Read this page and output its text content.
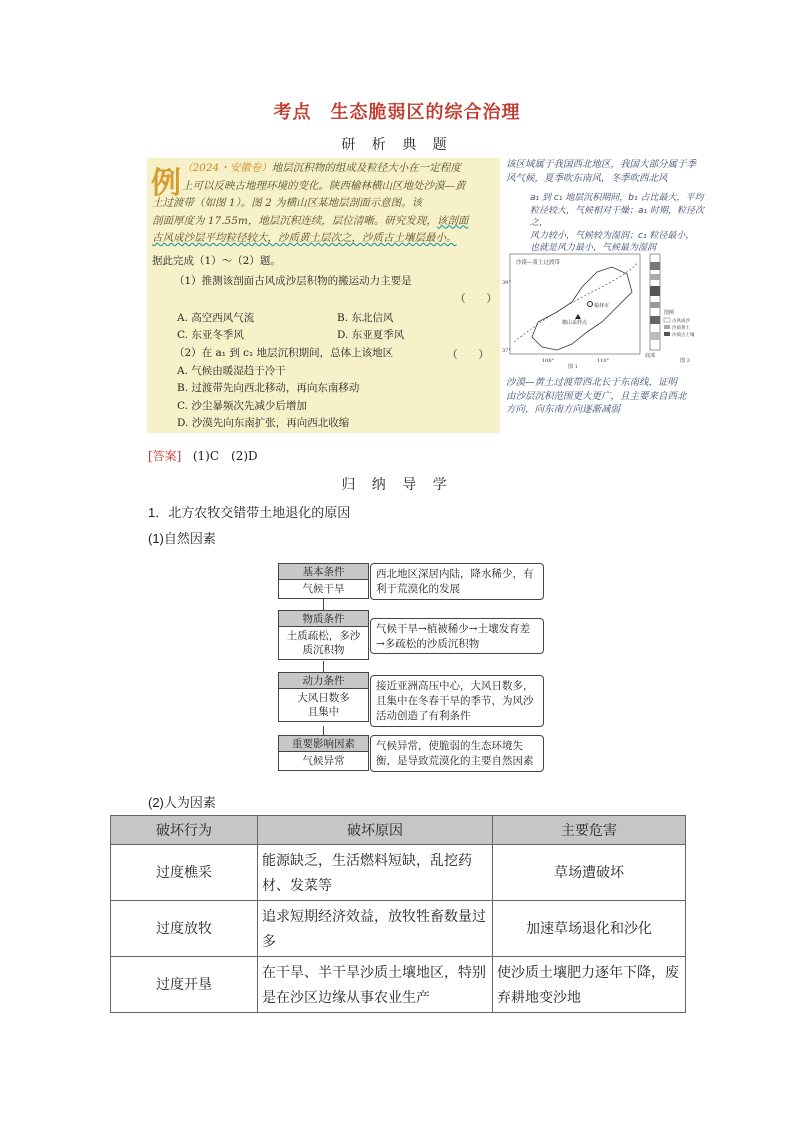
考点　生态脆弱区的综合治理
研 析 典 题
例 （2024・安徽卷）地层沉积物的组成及粒径大小在一定程度
上可以反映古地理环境的变化。陕西榆林横山区地处沙漠—黄
土过渡带（如图 1）。图 2 为横山区某地层剖面示意图。该
剖面厚度为 17.55m，地层沉积连续，层位清晰。研究发现，该剖面
古风成沙层平均粒径较大，沙质黄土层次之，沙质古土壤层最小。
据此完成（1）～（2）题。
（1）推测该剖面古风成沙层积物的搬运动力主要是
（　　）
A. 高空西风气流	B. 东北信风
C. 东亚冬季风	D. 东亚夏季风
（2）在 a₁ 到 c₁ 地层沉积期间，总体上该地区	（　　）
A. 气候由暖湿趋于冷干
B. 过渡带先向西北移动，再向东南移动
C. 沙尘暴频次先减少后增加
D. 沙漠先向东南扩张，再向西北收缩
该区域属于我国西北地区，我国大部分属于季
风气候，夏季吹东南风，冬季吹西北风
a₁ 到 c₁ 地层沉积期间，b₁ 占比最大，平均
粒径较大，气候相对干燥；a₁ 时期，粒径次之，
风力较小，气候较为湿润；c₁ 粒径最小，
也就是风力最小，气候最为湿润
沙漠—黄土过渡带西北长于东南线，证明
由沙层沉积范围更大更广，且主要来自西北
方向，向东南方向逐渐减弱
沙漠—黄土过渡带
榆林市
横山采样点
39°
37°
108°	110°
图 1
底部
图例
古风成沙
沙质黄土
沙质古土壤
图 2
[答案] (1)C　(2)D
归 纳 导 学
1．北方农牧交错带土地退化的原因
(1)自然因素
基本条件
气候干旱
西北地区深居内陆，降水稀少，有利于荒漠化的发展
物质条件
土质疏松，多沙质沉积物
气候干旱→植被稀少→土壤发育差→多疏松的沙质沉积物
动力条件
大风日数多且集中
接近亚洲高压中心，大风日数多，且集中在冬春干旱的季节，为风沙活动创造了有利条件
重要影响因素
气候异常
气候异常，使脆弱的生态环境失衡，是导致荒漠化的主要自然因素
(2)人为因素
破坏行为	破坏原因	主要危害
过度樵采	能源缺乏，生活燃料短缺，乱挖药材、发菜等	草场遭破坏
过度放牧	追求短期经济效益，放牧牲畜数量过多	加速草场退化和沙化
过度开垦	在干旱、半干旱沙质土壤地区，特别是在沙区边缘从事农业生产	使沙质土壤肥力逐年下降，废弃耕地变沙地
